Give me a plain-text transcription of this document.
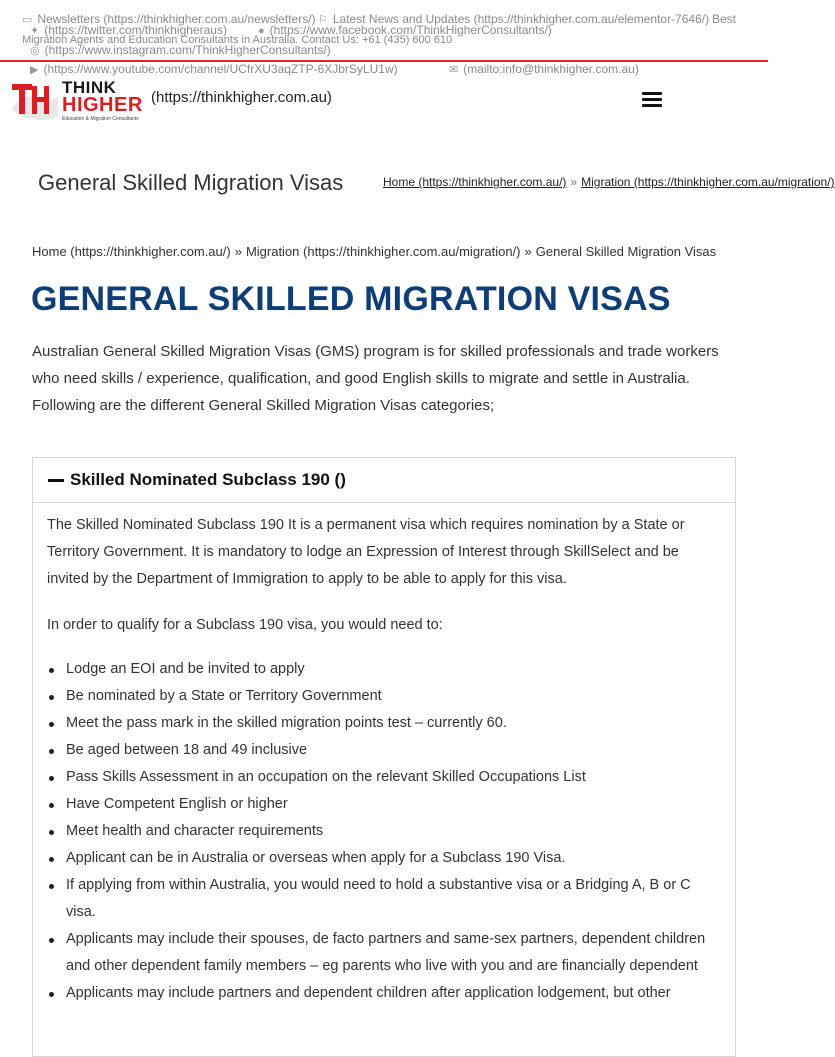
▭ Newsletters (https://thinkhigher.com.au/newsletters/) ⚐ Latest News and Updates (https://thinkhigher.com.au/elementor-7646/) Best
✦ (https://twitter.com/thinkhigheraus)	● (https://www.facebook.com/ThinkHigherConsultants/)
Migration Agents and Education Consultants in Australia. Contact Us: +61 (435) 600 610
◎ (https://www.instagram.com/ThinkHigherConsultants/)
▶ (https://www.youtube.com/channel/UCfrXU3aqZTP-6XJbrSyLU1w)	✉ (mailto:info@thinkhigher.com.au)
THINK
HIGHER
Education & Migration Consultants
(https://thinkhigher.com.au)
General Skilled Migration Visas	Home (https://thinkhigher.com.au/) » Migration (https://thinkhigher.com.au/migration/)
Home (https://thinkhigher.com.au/) » Migration (https://thinkhigher.com.au/migration/) » General Skilled Migration Visas
GENERAL SKILLED MIGRATION VISAS

Australian General Skilled Migration Visas (GMS) program is for skilled professionals and trade workers who need skills / experience, qualification, and good English skills to migrate and settle in Australia. Following are the different General Skilled Migration Visas categories;

Skilled Nominated Subclass 190 ()

The Skilled Nominated Subclass 190 It is a permanent visa which requires nomination by a State or Territory Government. It is mandatory to lodge an Expression of Interest through SkillSelect and be invited by the Department of Immigration to apply to be able to apply for this visa.

In order to qualify for a Subclass 190 visa, you would need to:

Lodge an EOI and be invited to apply
Be nominated by a State or Territory Government
Meet the pass mark in the skilled migration points test – currently 60.
Be aged between 18 and 49 inclusive
Pass Skills Assessment in an occupation on the relevant Skilled Occupations List
Have Competent English or higher
Meet health and character requirements
Applicant can be in Australia or overseas when apply for a Subclass 190 Visa.
If applying from within Australia, you would need to hold a substantive visa or a Bridging A, B or C visa.
Applicants may include their spouses, de facto partners and same-sex partners, dependent children and other dependent family members – eg parents who live with you and are financially dependent
Applicants may include partners and dependent children after application lodgement, but other
